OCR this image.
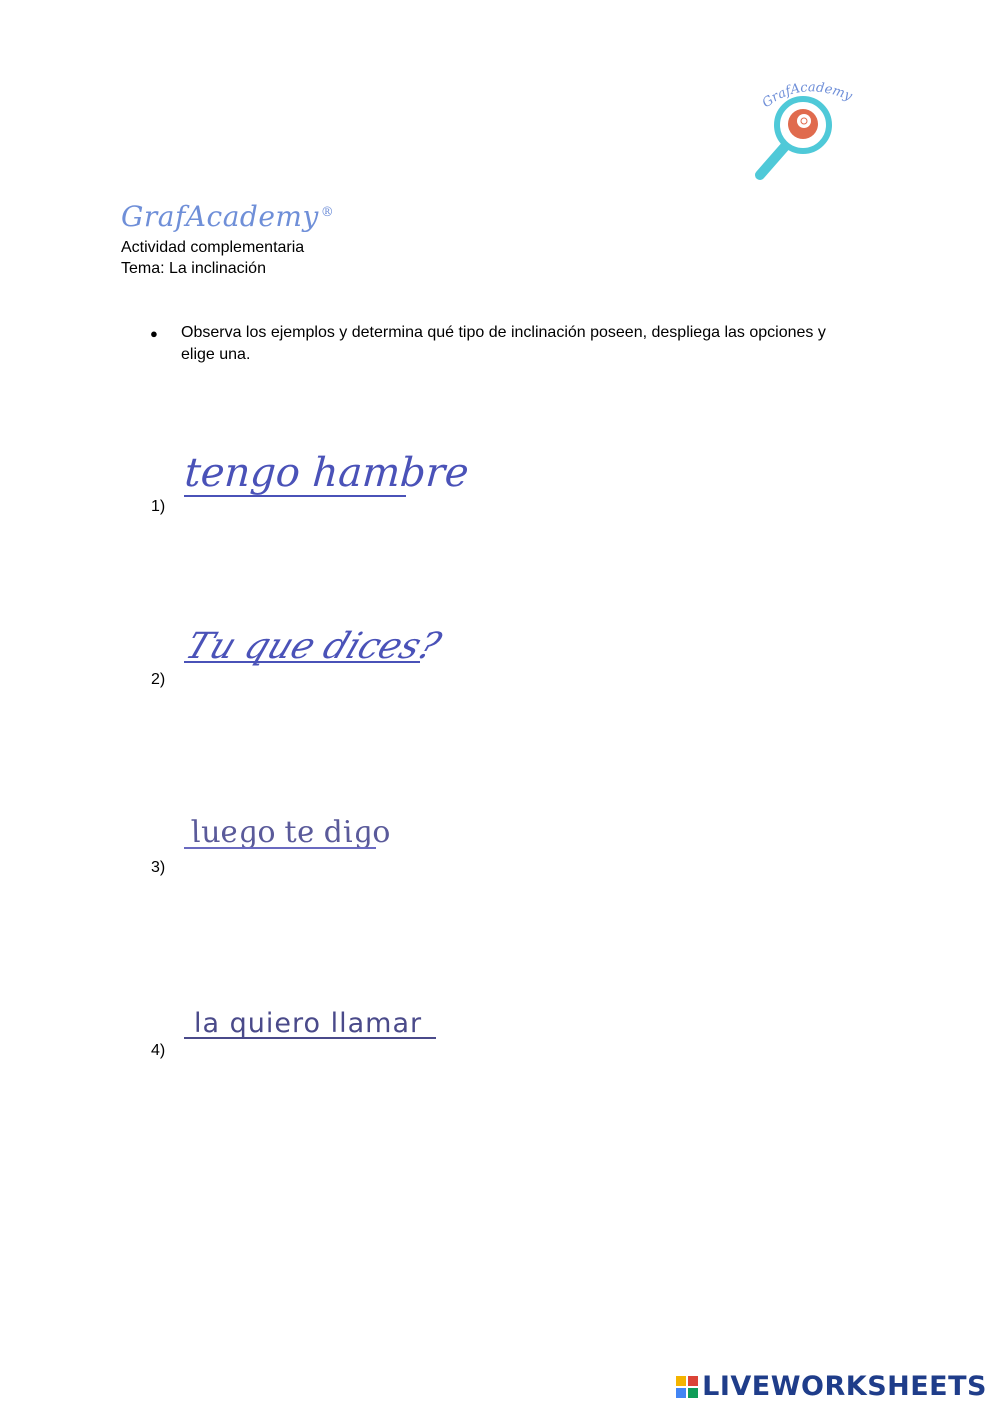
GrafAcademy
GrafAcademy ®
Actividad complementaria
Tema: La inclinación
●	Observa los ejemplos y determina qué tipo de inclinación poseen, despliega las opciones y elige una.
1)
tengo hambre
2)
Tu que dices?
3)
luego te digo
4)
la quiero llamar
LIVEWORKSHEETS
